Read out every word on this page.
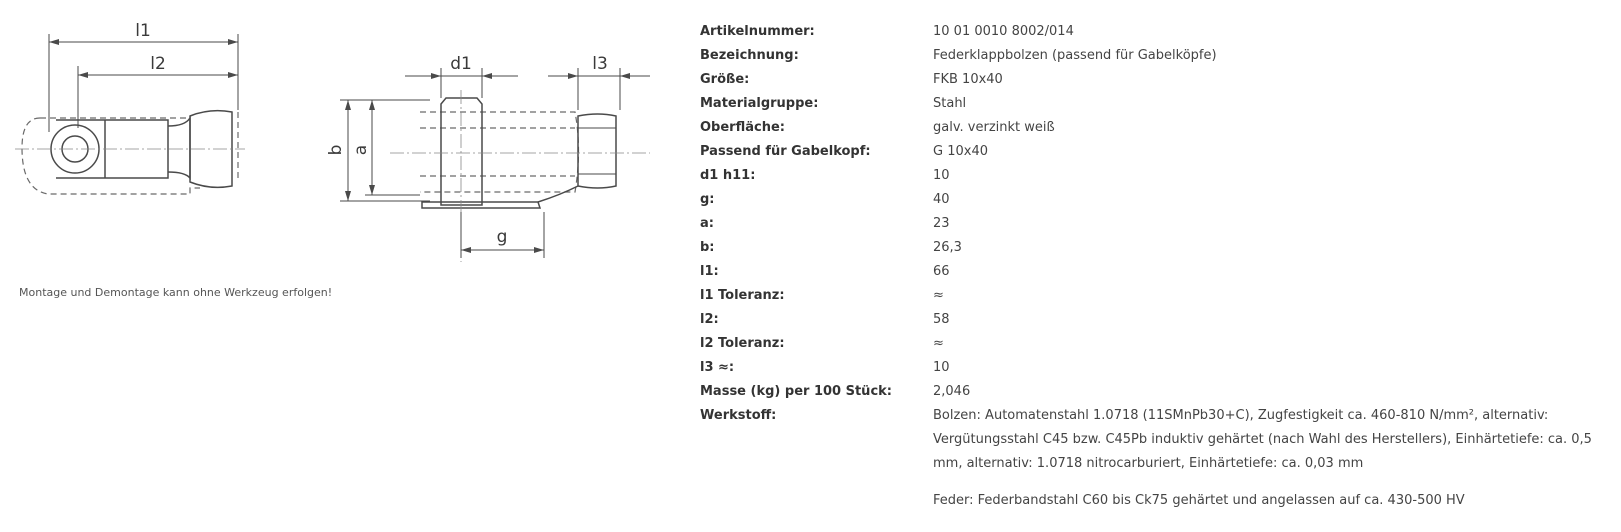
l1
l2	d1	l3
b a
g
Montage und Demontage kann ohne Werkzeug erfolgen!
Artikelnummer:	10 01 0010 8002/014
Bezeichnung:	Federklappbolzen (passend für Gabelköpfe)
Größe:	FKB 10x40
Materialgruppe:	Stahl
Oberfläche:	galv. verzinkt weiß
Passend für Gabelkopf:	G 10x40
d1 h11:	10
g:	40
a:	23
b:	26,3
l1:	66
l1 Toleranz:	≈
l2:	58
l2 Toleranz:	≈
l3 ≈:	10
Masse (kg) per 100 Stück:	2,046
Werkstoff:	Bolzen: Automatenstahl 1.0718 (11SMnPb30+C), Zugfestigkeit ca. 460-810 N/mm², alternativ: Vergütungsstahl C45 bzw. C45Pb induktiv gehärtet (nach Wahl des Herstellers), Einhärtetiefe: ca. 0,5 mm, alternativ: 1.0718 nitrocarburiert, Einhärtetiefe: ca. 0,03 mm

Feder: Federbandstahl C60 bis Ck75 gehärtet und angelassen auf ca. 430-500 HV
